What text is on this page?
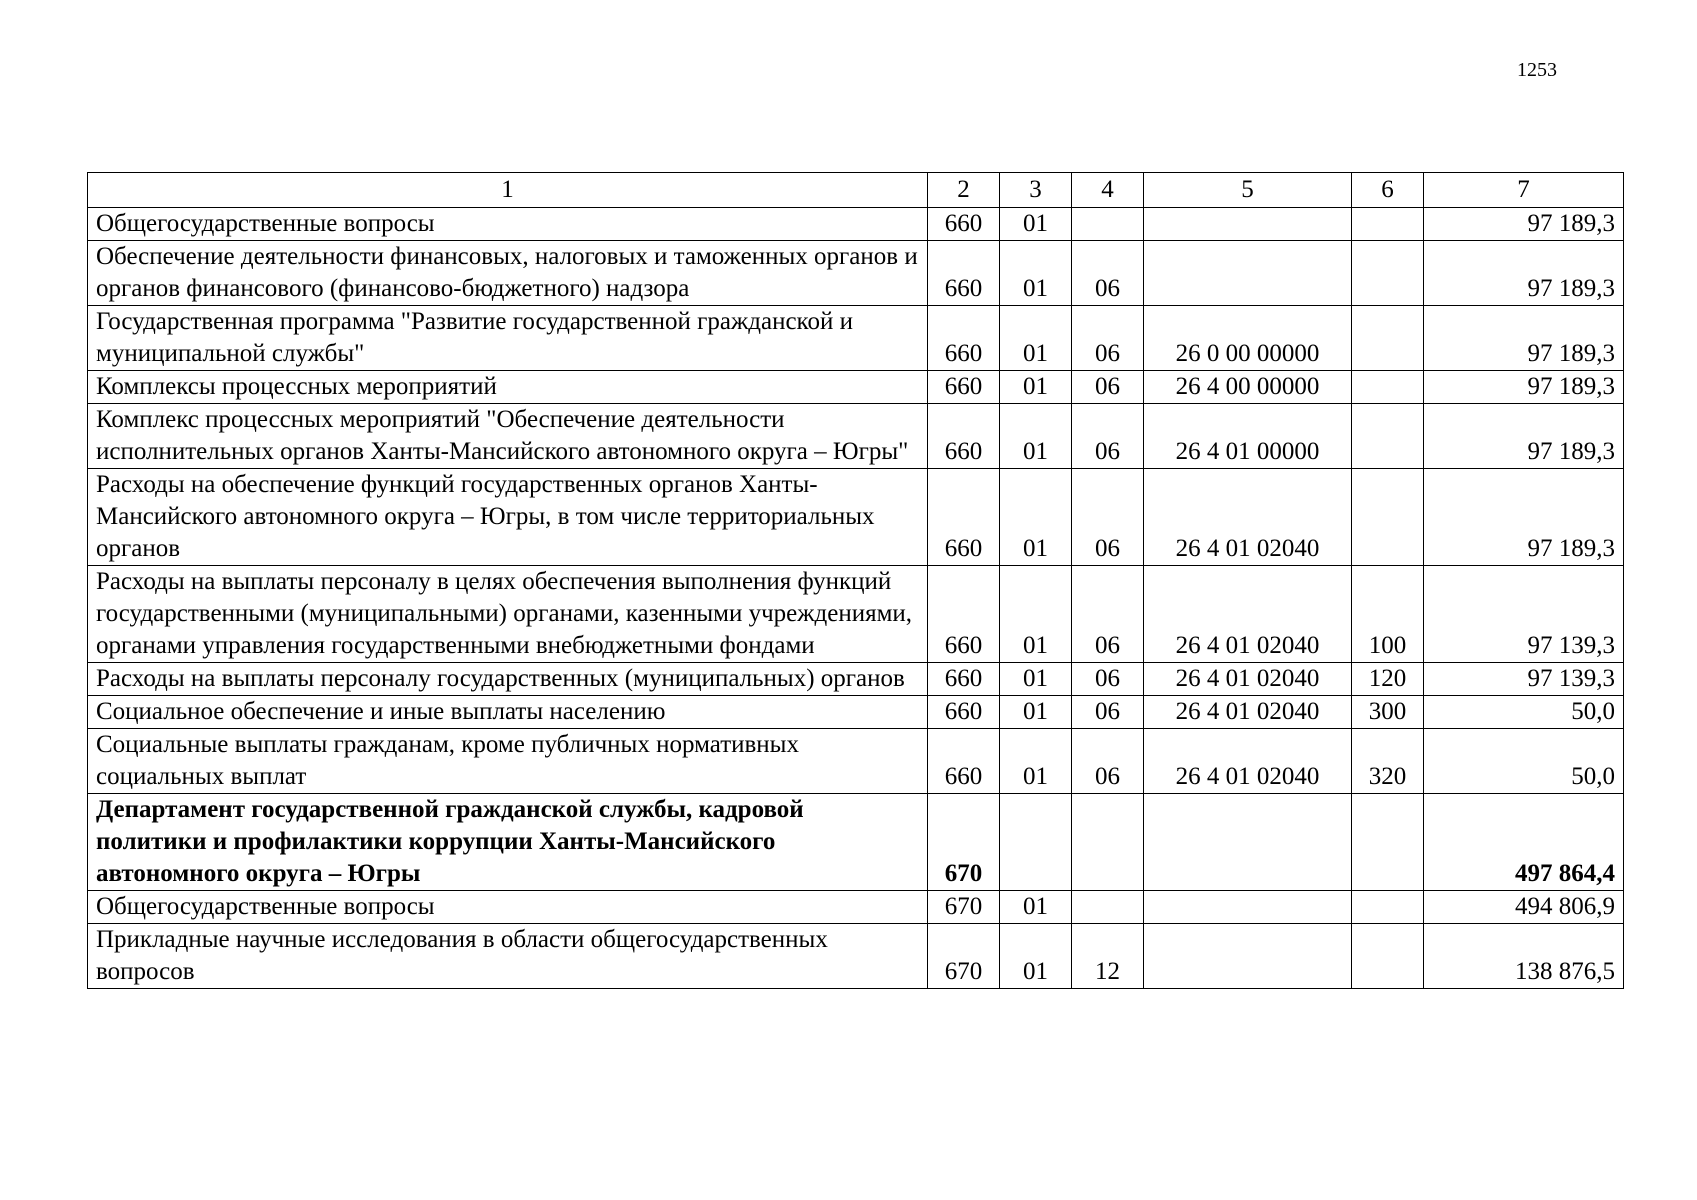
1253
1	2	3	4	5	6	7
Общегосударственные вопросы	660	01				97 189,3
Обеспечение деятельности финансовых, налоговых и таможенных органов и органов финансового (финансово-бюджетного) надзора	660	01	06			97 189,3
Государственная программа "Развитие государственной гражданской и муниципальной службы"	660	01	06	26 0 00 00000		97 189,3
Комплексы процессных мероприятий	660	01	06	26 4 00 00000		97 189,3
Комплекс процессных мероприятий "Обеспечение деятельности исполнительных органов Ханты-Мансийского автономного округа – Югры"	660	01	06	26 4 01 00000		97 189,3
Расходы на обеспечение функций государственных органов Ханты-Мансийского автономного округа – Югры, в том числе территориальных органов	660	01	06	26 4 01 02040		97 189,3
Расходы на выплаты персоналу в целях обеспечения выполнения функций государственными (муниципальными) органами, казенными учреждениями, органами управления государственными внебюджетными фондами	660	01	06	26 4 01 02040	100	97 139,3
Расходы на выплаты персоналу государственных (муниципальных) органов	660	01	06	26 4 01 02040	120	97 139,3
Социальное обеспечение и иные выплаты населению	660	01	06	26 4 01 02040	300	50,0
Социальные выплаты гражданам, кроме публичных нормативных социальных выплат	660	01	06	26 4 01 02040	320	50,0
Департамент государственной гражданской службы, кадровой политики и профилактики коррупции Ханты-Мансийского автономного округа – Югры	670					497 864,4
Общегосударственные вопросы	670	01				494 806,9
Прикладные научные исследования в области общегосударственных вопросов	670	01	12			138 876,5
